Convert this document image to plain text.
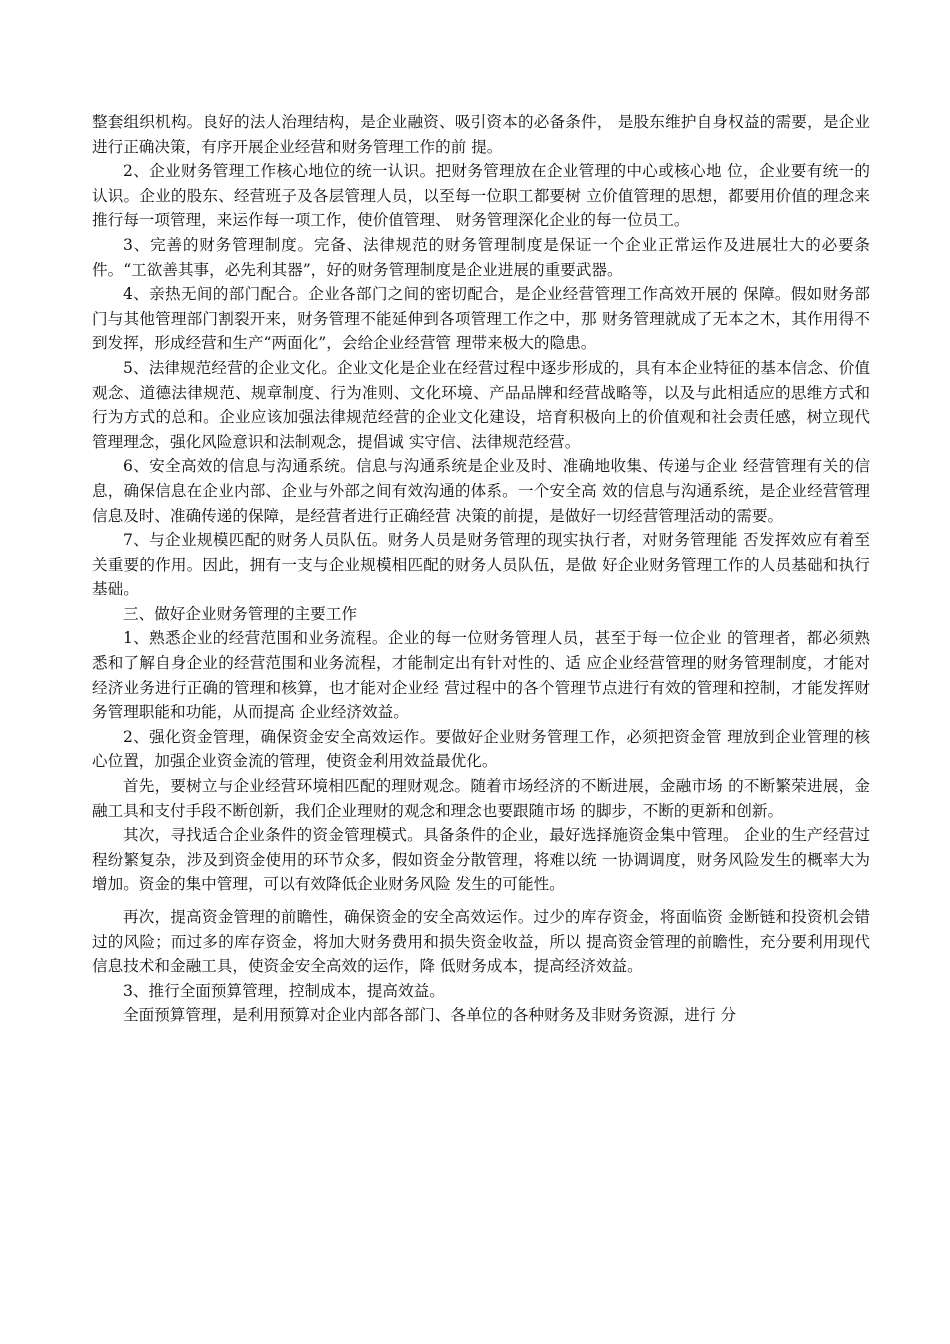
整套组织机构。良好的法人治理结构，是企业融资、吸引资本的必备条件， 是股东维护自身权益的需要，是企业进行正确决策，有序开展企业经营和财务管理工作的前 提。

2、企业财务管理工作核心地位的统一认识。把财务管理放在企业管理的中心或核心地 位，企业要有统一的认识。企业的股东、经营班子及各层管理人员，以至每一位职工都要树 立价值管理的思想，都要用价值的理念来推行每一项管理，来运作每一项工作，使价值管理、 财务管理深化企业的每一位员工。

3、完善的财务管理制度。完备、法律规范的财务管理制度是保证一个企业正常运作及进展壮大的必要条件。“工欲善其事，必先利其器”，好的财务管理制度是企业进展的重要武器。

4、亲热无间的部门配合。企业各部门之间的密切配合，是企业经营管理工作高效开展的 保障。假如财务部门与其他管理部门割裂开来，财务管理不能延伸到各项管理工作之中，那 财务管理就成了无本之木，其作用得不到发挥，形成经营和生产“两面化”，会给企业经营管 理带来极大的隐患。

5、法律规范经营的企业文化。企业文化是企业在经营过程中逐步形成的，具有本企业特征的基本信念、价值观念、道德法律规范、规章制度、行为准则、文化环境、产品品牌和经营战略等，以及与此相适应的思维方式和行为方式的总和。企业应该加强法律规范经营的企业文化建设，培育积极向上的价值观和社会责任感，树立现代管理理念，强化风险意识和法制观念，提倡诚 实守信、法律规范经营。

6、安全高效的信息与沟通系统。信息与沟通系统是企业及时、准确地收集、传递与企业 经营管理有关的信息，确保信息在企业内部、企业与外部之间有效沟通的体系。一个安全高 效的信息与沟通系统，是企业经营管理信息及时、准确传递的保障，是经营者进行正确经营 决策的前提，是做好一切经营管理活动的需要。

7、与企业规模匹配的财务人员队伍。财务人员是财务管理的现实执行者，对财务管理能 否发挥效应有着至关重要的作用。因此，拥有一支与企业规模相匹配的财务人员队伍，是做 好企业财务管理工作的人员基础和执行基础。

三、做好企业财务管理的主要工作

1、熟悉企业的经营范围和业务流程。企业的每一位财务管理人员，甚至于每一位企业 的管理者，都必须熟悉和了解自身企业的经营范围和业务流程，才能制定出有针对性的、适 应企业经营管理的财务管理制度，才能对经济业务进行正确的管理和核算，也才能对企业经 营过程中的各个管理节点进行有效的管理和控制，才能发挥财务管理职能和功能，从而提高 企业经济效益。

2、强化资金管理，确保资金安全高效运作。要做好企业财务管理工作，必须把资金管 理放到企业管理的核心位置，加强企业资金流的管理，使资金利用效益最优化。

首先，要树立与企业经营环境相匹配的理财观念。随着市场经济的不断进展，金融市场 的不断繁荣进展，金融工具和支付手段不断创新，我们企业理财的观念和理念也要跟随市场 的脚步，不断的更新和创新。

其次，寻找适合企业条件的资金管理模式。具备条件的企业，最好选择施资金集中管理。 企业的生产经营过程纷繁复杂，涉及到资金使用的环节众多，假如资金分散管理，将难以统 一协调调度，财务风险发生的概率大为增加。资金的集中管理，可以有效降低企业财务风险 发生的可能性。

再次，提高资金管理的前瞻性，确保资金的安全高效运作。过少的库存资金，将面临资 金断链和投资机会错过的风险；而过多的库存资金，将加大财务费用和损失资金收益，所以 提高资金管理的前瞻性，充分要利用现代信息技术和金融工具，使资金安全高效的运作，降 低财务成本，提高经济效益。

3、推行全面预算管理，控制成本，提高效益。

全面预算管理，是利用预算对企业内部各部门、各单位的各种财务及非财务资源，进行 分
